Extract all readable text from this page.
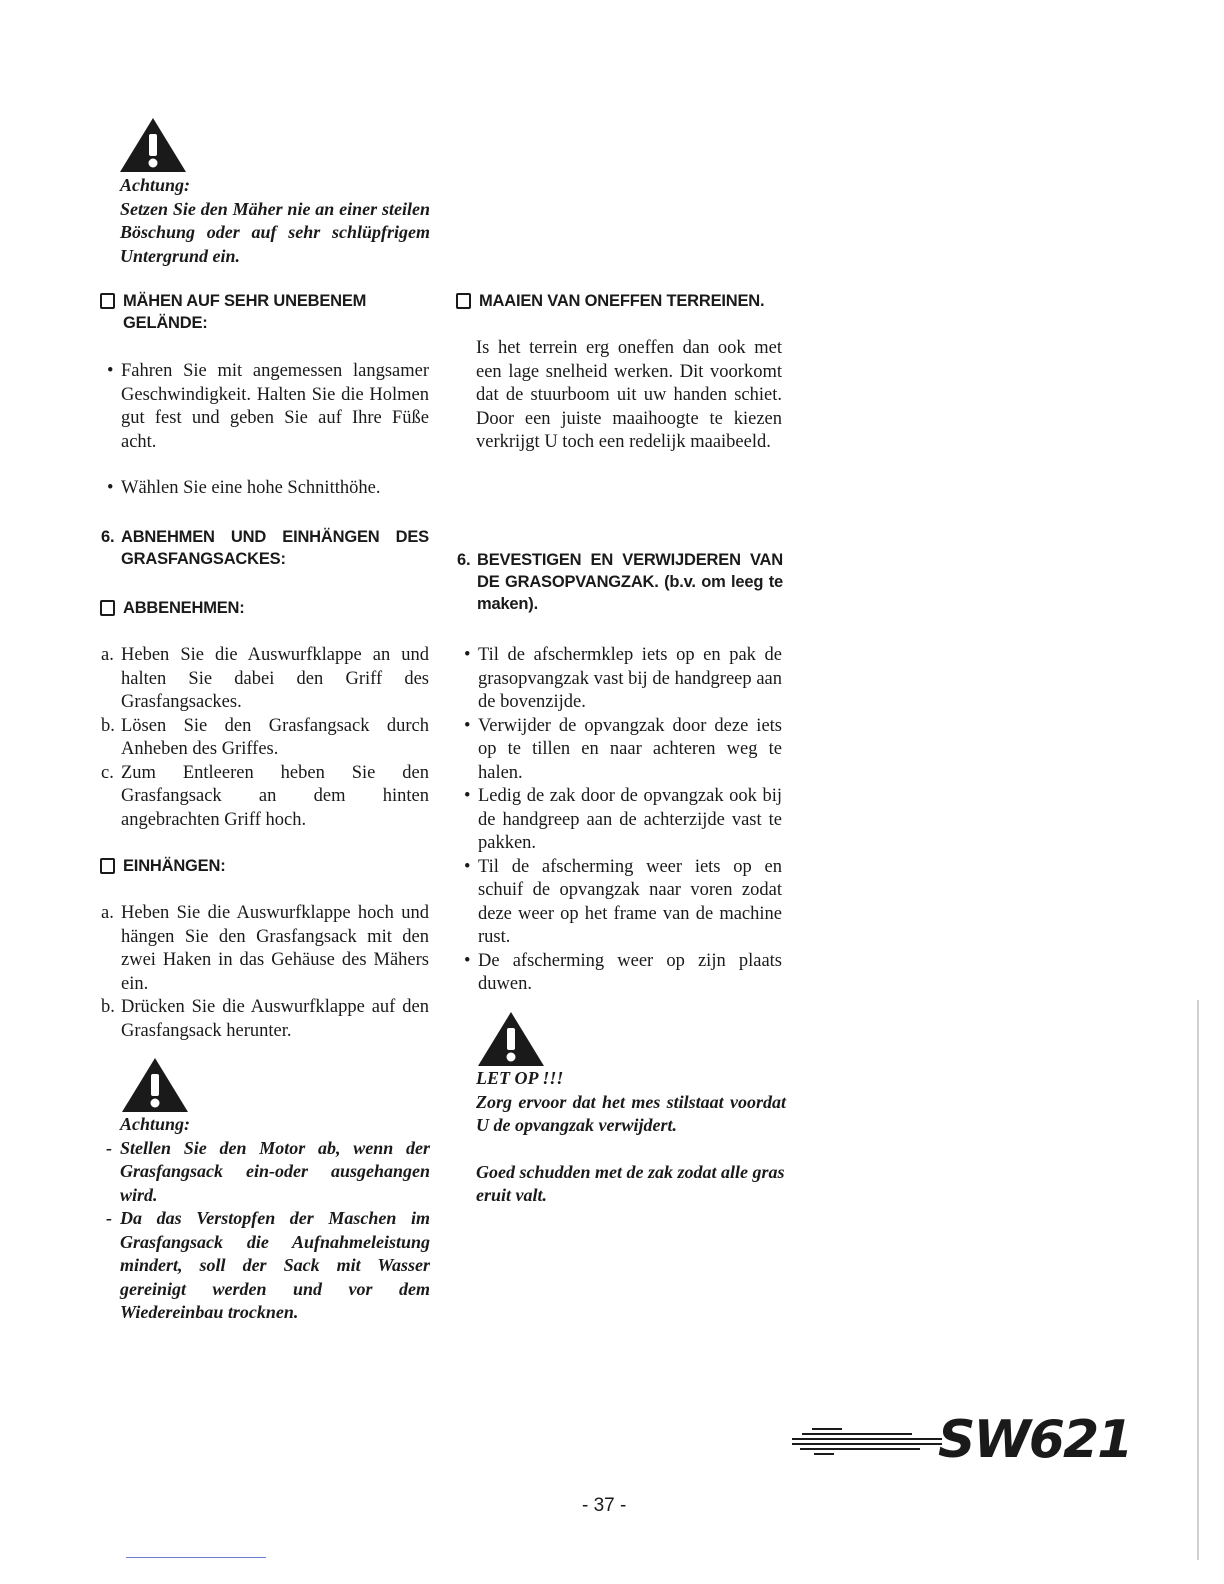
Achtung:
Setzen Sie den Mäher nie an einer steilen Böschung oder auf sehr schlüpfrigem Untergrund ein.
MÄHEN AUF SEHR UNEBENEM GELÄNDE:
• Fahren Sie mit angemessen langsamer Geschwindigkeit. Halten Sie die Holmen gut fest und geben Sie auf Ihre Füße acht.
• Wählen Sie eine hohe Schnitthöhe.
6. ABNEHMEN UND EINHÄNGEN DES GRASFANGSACKES:
ABBENEHMEN:
a. Heben Sie die Auswurfklappe an und halten Sie dabei den Griff des Grasfangsackes.
b. Lösen Sie den Grasfangsack durch Anheben des Griffes.
c. Zum Entleeren heben Sie den Grasfangsack an dem hinten angebrachten Griff hoch.
EINHÄNGEN:
a. Heben Sie die Auswurfklappe hoch und hängen Sie den Grasfangsack mit den zwei Haken in das Gehäuse des Mähers ein.
b. Drücken Sie die Auswurfklappe auf den Grasfangsack herunter.
Achtung:
- Stellen Sie den Motor ab, wenn der Grasfangsack ein-oder ausgehangen wird.
- Da das Verstopfen der Maschen im Grasfangsack die Aufnahmeleistung mindert, soll der Sack mit Wasser gereinigt werden und vor dem Wiedereinbau trocknen.
MAAIEN VAN ONEFFEN TERREINEN.
Is het terrein erg oneffen dan ook met een lage snelheid werken. Dit voorkomt dat de stuurboom uit uw handen schiet. Door een juiste maaihoogte te kiezen verkrijgt U toch een redelijk maaibeeld.
6. BEVESTIGEN EN VERWIJDEREN VAN DE GRASOPVANGZAK. (b.v. om leeg te maken).
• Til de afschermklep iets op en pak de grasopvangzak vast bij de handgreep aan de bovenzijde.
• Verwijder de opvangzak door deze iets op te tillen en naar achteren weg te halen.
• Ledig de zak door de opvangzak ook bij de handgreep aan de achterzijde vast te pakken.
• Til de afscherming weer iets op en schuif de opvangzak naar voren zodat deze weer op het frame van de machine rust.
• De afscherming weer op zijn plaats duwen.
LET OP !!!
Zorg ervoor dat het mes stilstaat voordat U de opvangzak verwijdert.
Goed schudden met de zak zodat alle gras eruit valt.
SW621
- 37 -
